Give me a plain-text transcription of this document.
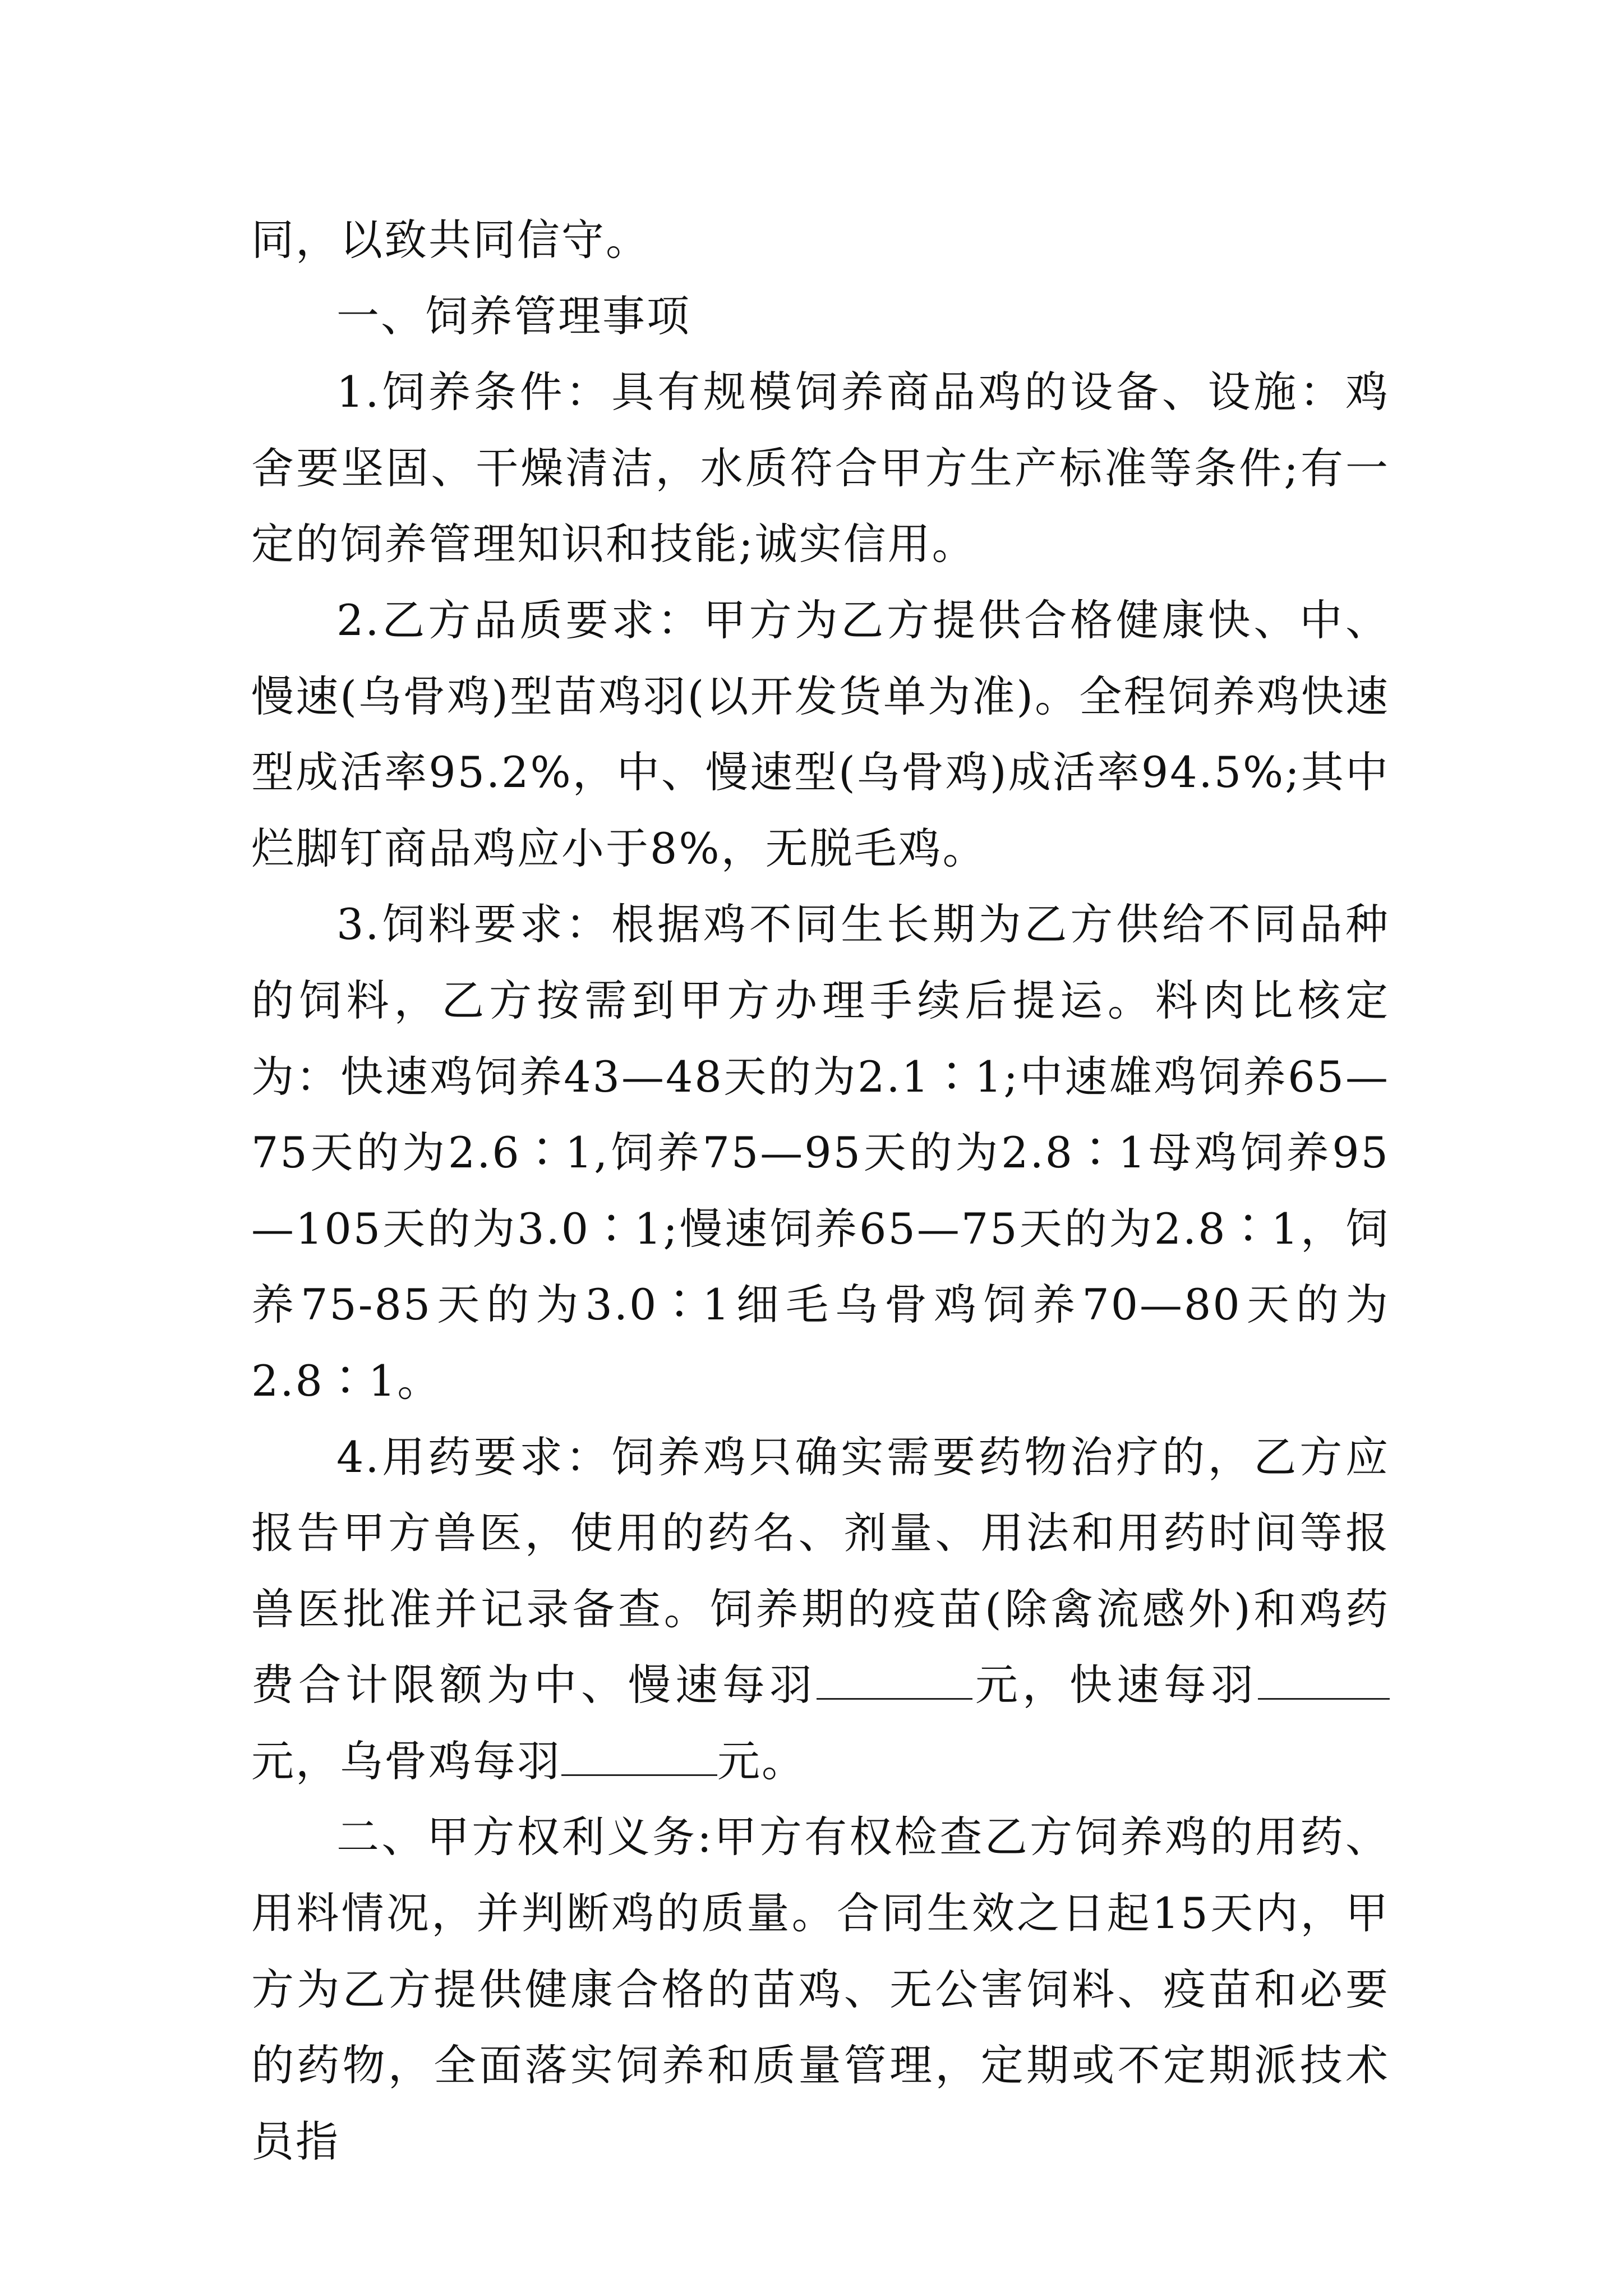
同，以致共同信守。

一、饲养管理事项

1.饲养条件：具有规模饲养商品鸡的设备、设施：鸡舍要坚固、干燥清洁，水质符合甲方生产标准等条件;有一定的饲养管理知识和技能;诚实信用。

2.乙方品质要求：甲方为乙方提供合格健康快、中、慢速(乌骨鸡)型苗鸡羽(以开发货单为准)。全程饲养鸡快速型成活率95.2%，中、慢速型(乌骨鸡)成活率94.5%;其中烂脚钉商品鸡应小于8%，无脱毛鸡。

3.饲料要求：根据鸡不同生长期为乙方供给不同品种的饲料，乙方按需到甲方办理手续后提运。料肉比核定为：快速鸡饲养43—48天的为2.1∶1;中速雄鸡饲养65—75天的为2.6∶1,饲养75—95天的为2.8∶1母鸡饲养95—105天的为3.0∶1;慢速饲养65—75天的为2.8∶1，饲养75-85天的为3.0∶1细毛乌骨鸡饲养70—80天的为2.8∶1。

4.用药要求：饲养鸡只确实需要药物治疗的，乙方应报告甲方兽医，使用的药名、剂量、用法和用药时间等报兽医批准并记录备查。饲养期的疫苗(除禽流感外)和鸡药费合计限额为中、慢速每羽	元，快速每羽元，乌骨鸡每羽	元。

二、甲方权利义务:甲方有权检查乙方饲养鸡的用药、用料情况，并判断鸡的质量。合同生效之日起15天内，甲方为乙方提供健康合格的苗鸡、无公害饲料、疫苗和必要的药物，全面落实饲养和质量管理，定期或不定期派技术员指
